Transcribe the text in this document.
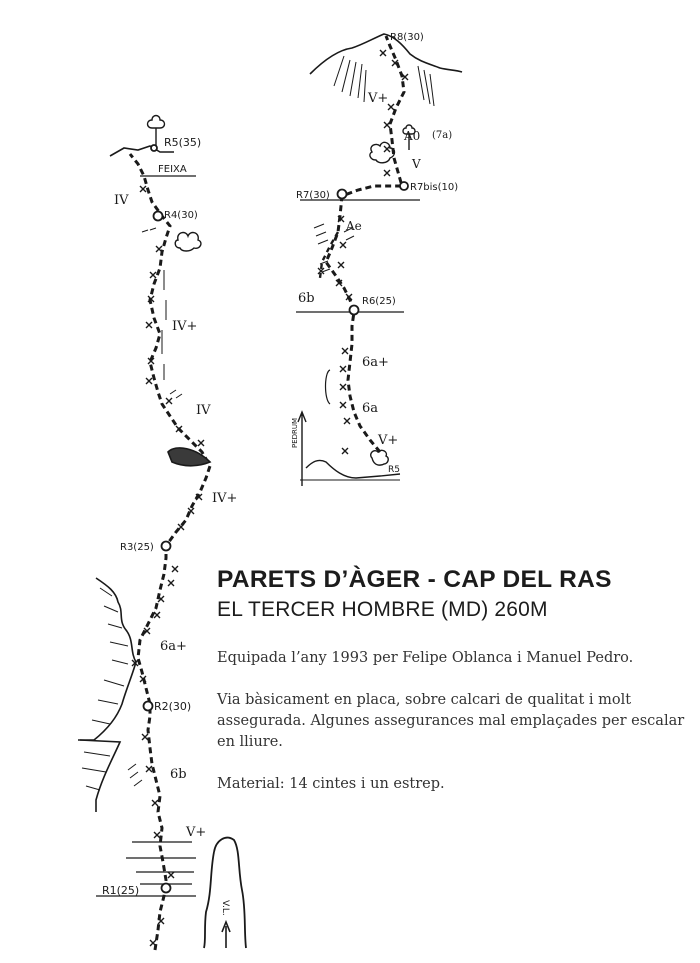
R1(25)
R2(30)
R3(25)
R4(30)
R5(35)
FEIXA
V.L.
V+
6b
6a+
IV+
IV
IV+
IV
R8(30)
R7(30)
R7bis(10)
R6(25)
R5
PEDRUM	V+
6a
6a+
6b
Ae
V
A0 (7a)
V+
PARETS D’ÀGER - CAP DEL RAS
EL TERCER HOMBRE (MD) 260M

Equipada l’any 1993 per Felipe Oblanca i Manuel Pedro.

Via bàsicament en placa, sobre calcari de qualitat i molt assegurada. Algunes assegurances mal emplaçades per escalar en lliure.

Material: 14 cintes i un estrep.
